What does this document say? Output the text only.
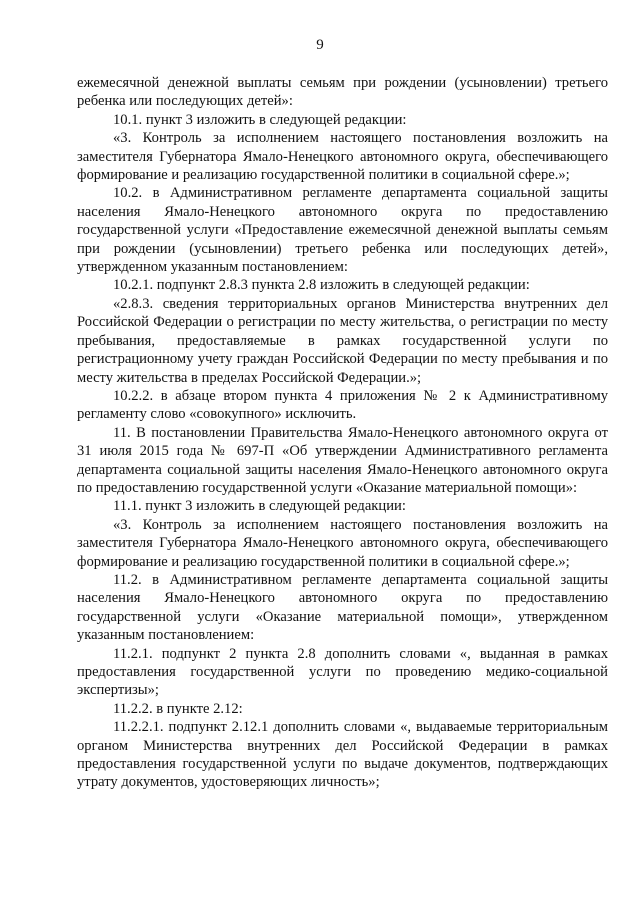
9

ежемесячной денежной выплаты семьям при рождении (усыновлении) третьего ребенка или последующих детей»:

10.1. пункт 3 изложить в следующей редакции:

«3. Контроль за исполнением настоящего постановления возложить на заместителя Губернатора Ямало-Ненецкого автономного округа, обеспечивающего формирование и реализацию государственной политики в социальной сфере.»;

10.2. в Административном регламенте департамента социальной защиты населения Ямало-Ненецкого автономного округа по предоставлению государственной услуги «Предоставление ежемесячной денежной выплаты семьям при рождении (усыновлении) третьего ребенка или последующих детей», утвержденном указанным постановлением:

10.2.1. подпункт 2.8.3 пункта 2.8 изложить в следующей редакции:

«2.8.3. сведения территориальных органов Министерства внутренних дел Российской Федерации о регистрации по месту жительства, о регистрации по месту пребывания, предоставляемые в рамках государственной услуги по регистрационному учету граждан Российской Федерации по месту пребывания и по месту жительства в пределах Российской Федерации.»;

10.2.2. в абзаце втором пункта 4 приложения № 2 к Административному регламенту слово «совокупного» исключить.

11. В постановлении Правительства Ямало-Ненецкого автономного округа от 31 июля 2015 года № 697-П «Об утверждении Административного регламента департамента социальной защиты населения Ямало-Ненецкого автономного округа по предоставлению государственной услуги «Оказание материальной помощи»:

11.1. пункт 3 изложить в следующей редакции:

«3. Контроль за исполнением настоящего постановления возложить на заместителя Губернатора Ямало-Ненецкого автономного округа, обеспечивающего формирование и реализацию государственной политики в социальной сфере.»;

11.2. в Административном регламенте департамента социальной защиты населения Ямало-Ненецкого автономного округа по предоставлению государственной услуги «Оказание материальной помощи», утвержденном указанным постановлением:

11.2.1. подпункт 2 пункта 2.8 дополнить словами «, выданная в рамках предоставления государственной услуги по проведению медико-социальной экспертизы»;

11.2.2. в пункте 2.12:

11.2.2.1. подпункт 2.12.1 дополнить словами «, выдаваемые территориальным органом Министерства внутренних дел Российской Федерации в рамках предоставления государственной услуги по выдаче документов, подтверждающих утрату документов, удостоверяющих личность»;
